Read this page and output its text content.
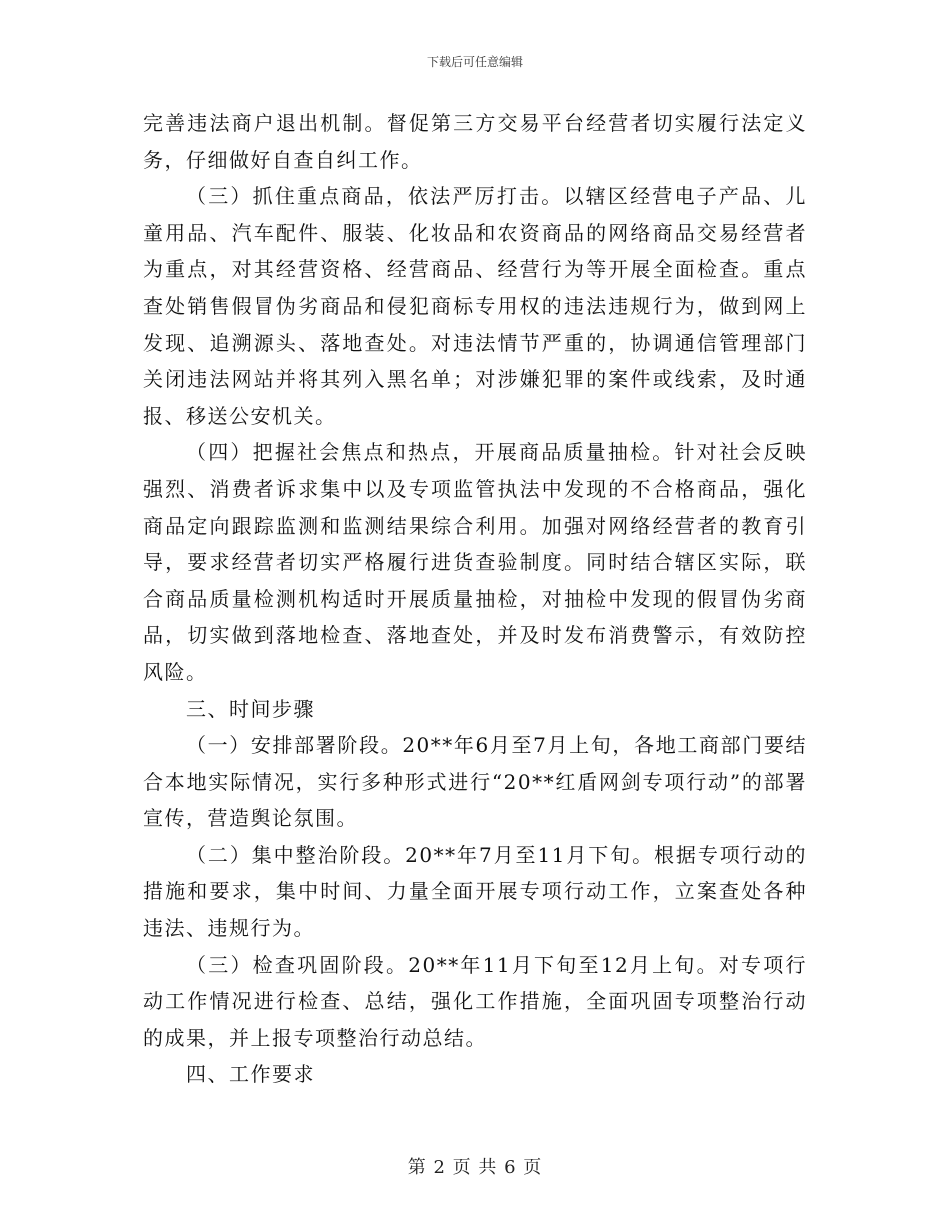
下载后可任意编辑

完善违法商户退出机制。督促第三方交易平台经营者切实履行法定义务，仔细做好自查自纠工作。

（三）抓住重点商品，依法严厉打击。以辖区经营电子产品、儿童用品、汽车配件、服装、化妆品和农资商品的网络商品交易经营者为重点，对其经营资格、经营商品、经营行为等开展全面检查。重点查处销售假冒伪劣商品和侵犯商标专用权的违法违规行为，做到网上发现、追溯源头、落地查处。对违法情节严重的，协调通信管理部门关闭违法网站并将其列入黑名单；对涉嫌犯罪的案件或线索，及时通报、移送公安机关。

（四）把握社会焦点和热点，开展商品质量抽检。针对社会反映强烈、消费者诉求集中以及专项监管执法中发现的不合格商品，强化商品定向跟踪监测和监测结果综合利用。加强对网络经营者的教育引导，要求经营者切实严格履行进货查验制度。同时结合辖区实际，联合商品质量检测机构适时开展质量抽检，对抽检中发现的假冒伪劣商品，切实做到落地检查、落地查处，并及时发布消费警示，有效防控风险。

三、时间步骤

（一）安排部署阶段。20**年6月至7月上旬，各地工商部门要结合本地实际情况，实行多种形式进行“20**红盾网剑专项行动”的部署宣传，营造舆论氛围。

（二）集中整治阶段。20**年7月至11月下旬。根据专项行动的措施和要求，集中时间、力量全面开展专项行动工作，立案查处各种违法、违规行为。

（三）检查巩固阶段。20**年11月下旬至12月上旬。对专项行动工作情况进行检查、总结，强化工作措施，全面巩固专项整治行动的成果，并上报专项整治行动总结。

四、工作要求

第 2 页 共 6 页
